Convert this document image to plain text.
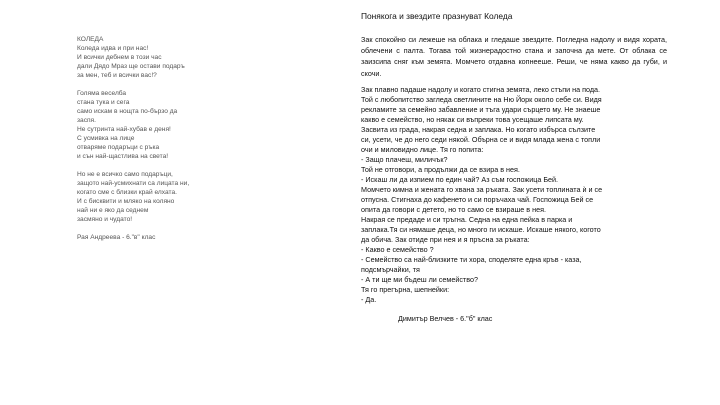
КОЛЕДА
Коледа идва и при нас!
И всички дебнем в този час
дали Дядо Мраз ще остави подаръ
за мен, теб и всички вас!?
Голяма веселба
стана тука и сега
само искам в нощта по-бързо да
заспя.
Не сутринта най-хубав е деня!
С усмивка на лице
отваряме подаръци с ръка
и сън най-щастлива на света!
Но не е всичко само подаръци,
защото най-усмихнати са лицата ни,
когато сме с близки край елхата.
И с бисквити и мляко на коляно
най ни е яко да седнем
засмяно и чудато!
Рая Андреева - 6."в" клас
Понякога и звездите празнуват Коледа

Зак спокойно си лежеше на облака и гледаше звездите. Погледна надолу и видя хората, облечени с палта. Тогава той жизнерадостно стана и започна да мете. От облака се заизсипа сняг към земята. Момчето отдавна копнееше. Реши, че няма какво да губи, и скочи.

Зак плавно падаше надолу и когато стигна земята, леко стъпи на пода.
Той с любопитство загледа светлините на Ню Йорк около себе си. Видя
рекламите за семейно забавление и тъга удари сърцето му. Не знаеше
какво е семейство, но някак си въпреки това усещаше липсата му.
Засвита из града, накрая седна и заплака. Но когато избърса сълзите
си, усети, че до него седи някой. Обърна се и видя млада жена с топли
очи и миловидно лице. Тя го попита:
- Защо плачеш, миличък?
Той не отговори, а продължи да се взира в нея.
- Искаш ли да изпием по един чай? Аз съм госпожица Бей.
Момчето кимна и жената го хвана за ръката. Зак усети топлината ѝ и се
отпусна. Стигнаха до кафенето и си поръчаха чай. Госпожица Бей се
опита да говори с детето, но то само се взираше в нея.
Накрая се предаде и си тръгна. Седна на една пейка в парка и
заплака.Тя си нямаше деца, но много ги искаше. Искаше някого, когото
да обича. Зак отиде при нея и я пръсна за ръката:
- Какво е семейство ?
- Семейство са най-близките ти хора, споделяте една кръв - каза,
подсмърчайки, тя
- А ти ще ми бъдеш ли семейство?
Тя го прегърна, шепнейки:
- Да.
Димитър Велчев - 6."б" клас
